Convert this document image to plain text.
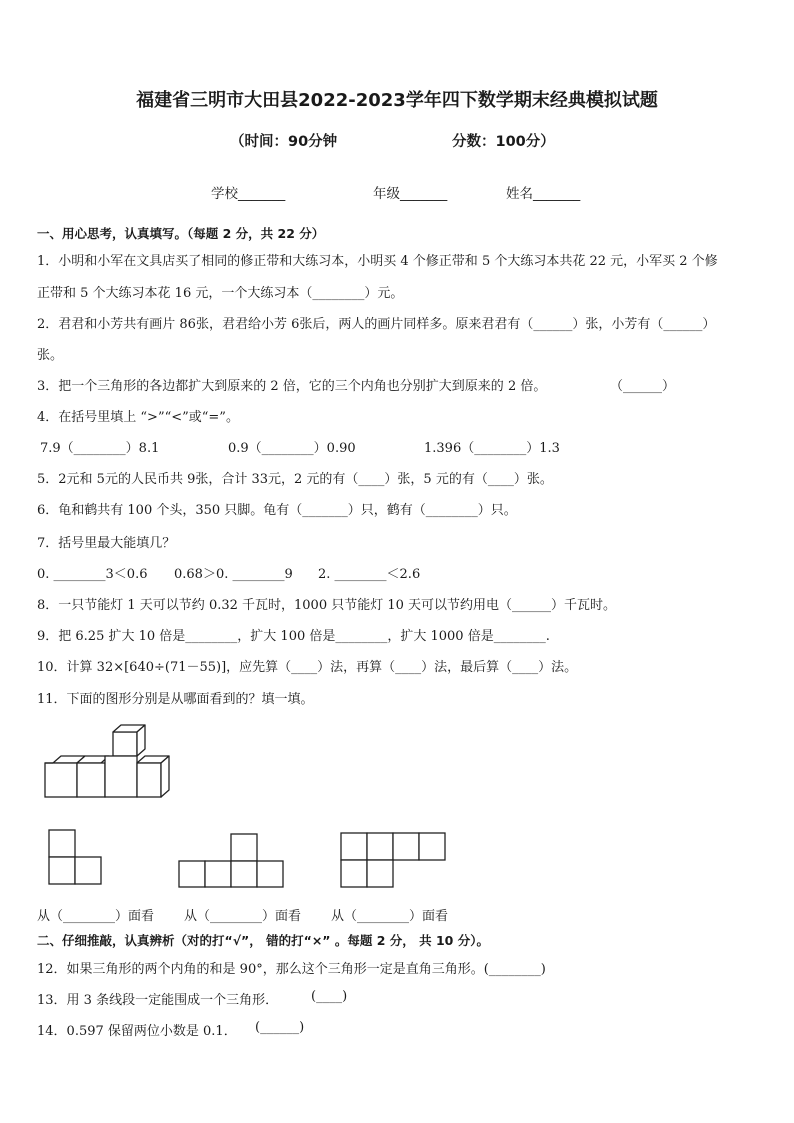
福建省三明市大田县2022-2023学年四下数学期末经典模拟试题
（时间：90分钟	分数：100分）
学校_______	年级_______	姓名_______
一、用心思考，认真填写。（每题 2 分，共 22 分）
1．小明和小军在文具店买了相同的修正带和大练习本，小明买 4 个修正带和 5 个大练习本共花 22 元，小军买 2 个修
正带和 5 个大练习本花 16 元，一个大练习本（________）元。
2．君君和小芳共有画片 86张，君君给小芳 6张后，两人的画片同样多。原来君君有（______）张，小芳有（______）
张。
3．把一个三角形的各边都扩大到原来的 2 倍，它的三个内角也分别扩大到原来的 2 倍。	（______）
4．在括号里填上 “>”“<”或“=”。
7.9（________）8.1	0.9（________）0.90	1.396（________）1.3
5．2元和 5元的人民币共 9张，合计 33元，2 元的有（____）张，5 元的有（____）张。
6．龟和鹤共有 100 个头，350 只脚。龟有（_______）只，鹤有（________）只。
7．括号里最大能填几？
0. ________3＜0.6 0.68＞0. ________9 2. ________＜2.6
8．一只节能灯 1 天可以节约 0.32 千瓦时，1000 只节能灯 10 天可以节约用电（______）千瓦时。
9．把 6.25 扩大 10 倍是________，扩大 100 倍是________，扩大 1000 倍是________.
10．计算 32×[640÷(71－55)]，应先算（____）法，再算（____）法，最后算（____）法。
11．下面的图形分别是从哪面看到的？填一填。
从（________）面看 从（________）面看 从（________）面看
二、仔细推敲，认真辨析（对的打“√”， 错的打“×” 。每题 2 分， 共 10 分）。
12．如果三角形的两个内角的和是 90°，那么这个三角形一定是直角三角形。(________)
13．用 3 条线段一定能围成一个三角形．	(____)
14．0.597 保留两位小数是 0.1． (______)
